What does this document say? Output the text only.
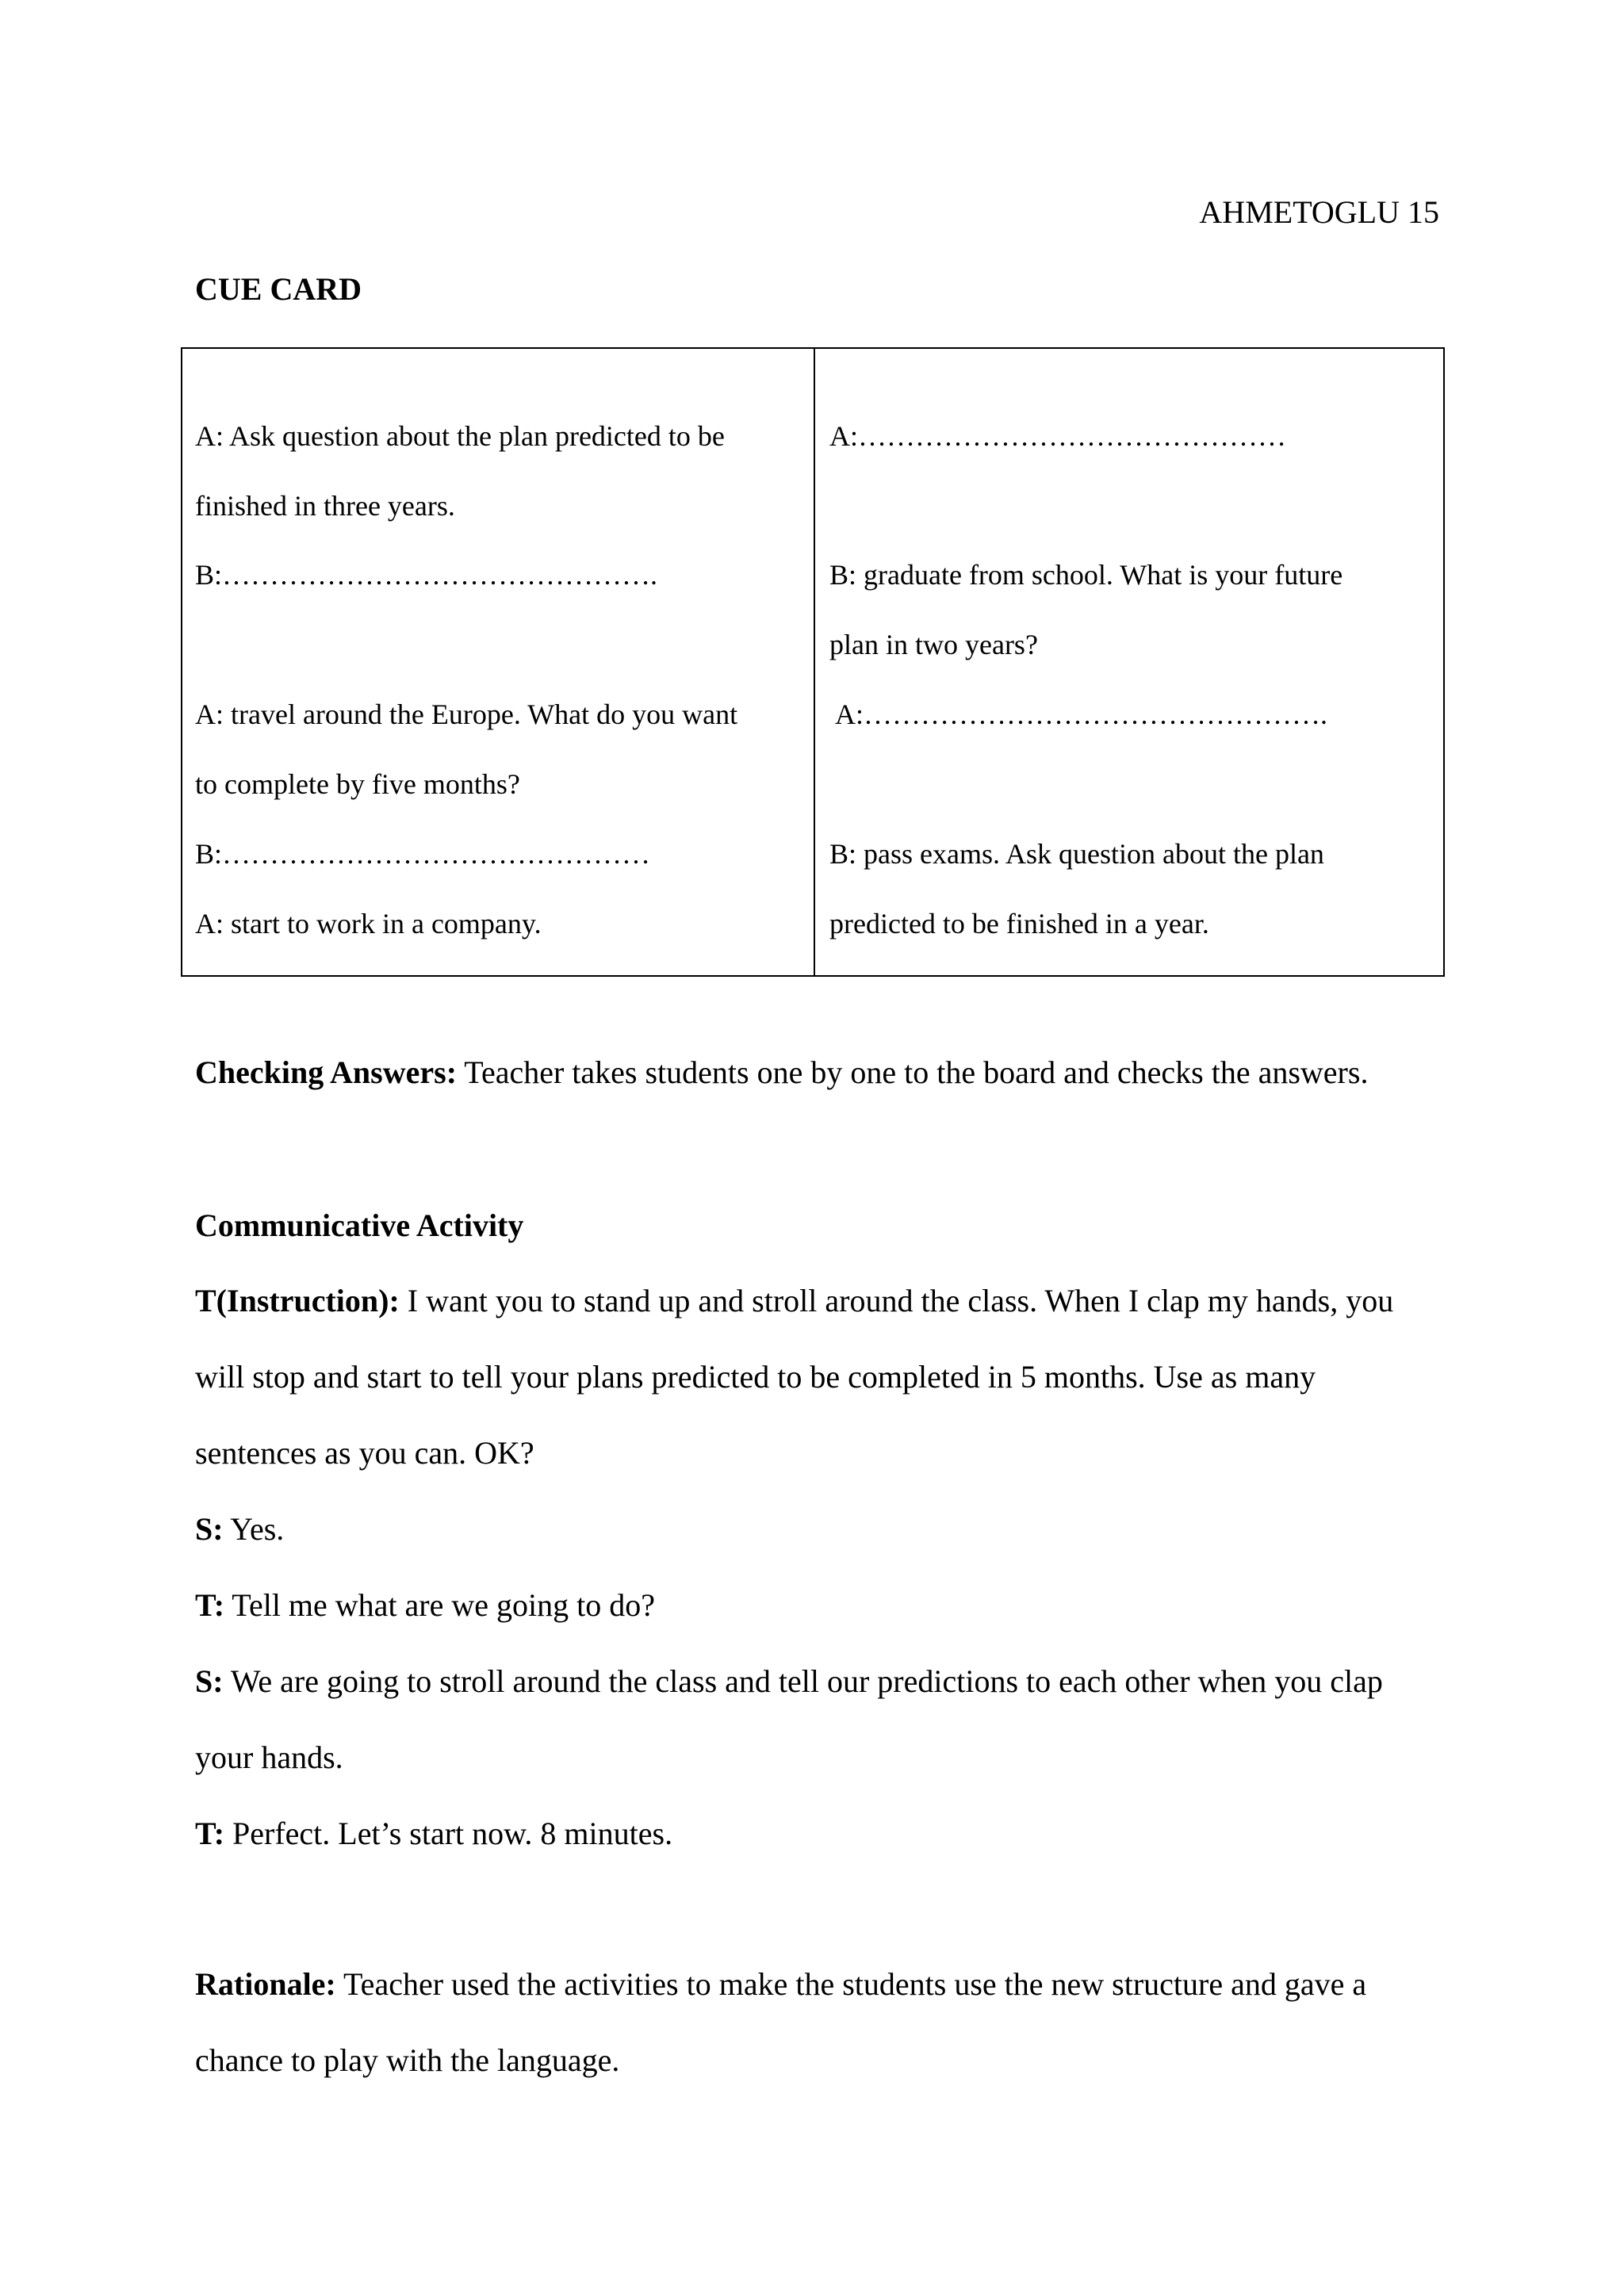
AHMETOGLU 15
CUE CARD
A: Ask question about the plan predicted to be
finished in three years.
B:……………………………………….
A: travel around the Europe. What do you want
to complete by five months?
B:………………………………………
A: start to work in a company.
A:………………………………………
B: graduate from school. What is your future
plan in two years?
A:………………………………………….
B: pass exams. Ask question about the plan
predicted to be finished in a year.
Checking Answers: Teacher takes students one by one to the board and checks the answers.
Communicative Activity
T(Instruction): I want you to stand up and stroll around the class. When I clap my hands, you
will stop and start to tell your plans predicted to be completed in 5 months. Use as many
sentences as you can. OK?
S: Yes.
T: Tell me what are we going to do?
S: We are going to stroll around the class and tell our predictions to each other when you clap
your hands.
T: Perfect. Let’s start now. 8 minutes.
Rationale: Teacher used the activities to make the students use the new structure and gave a
chance to play with the language.
